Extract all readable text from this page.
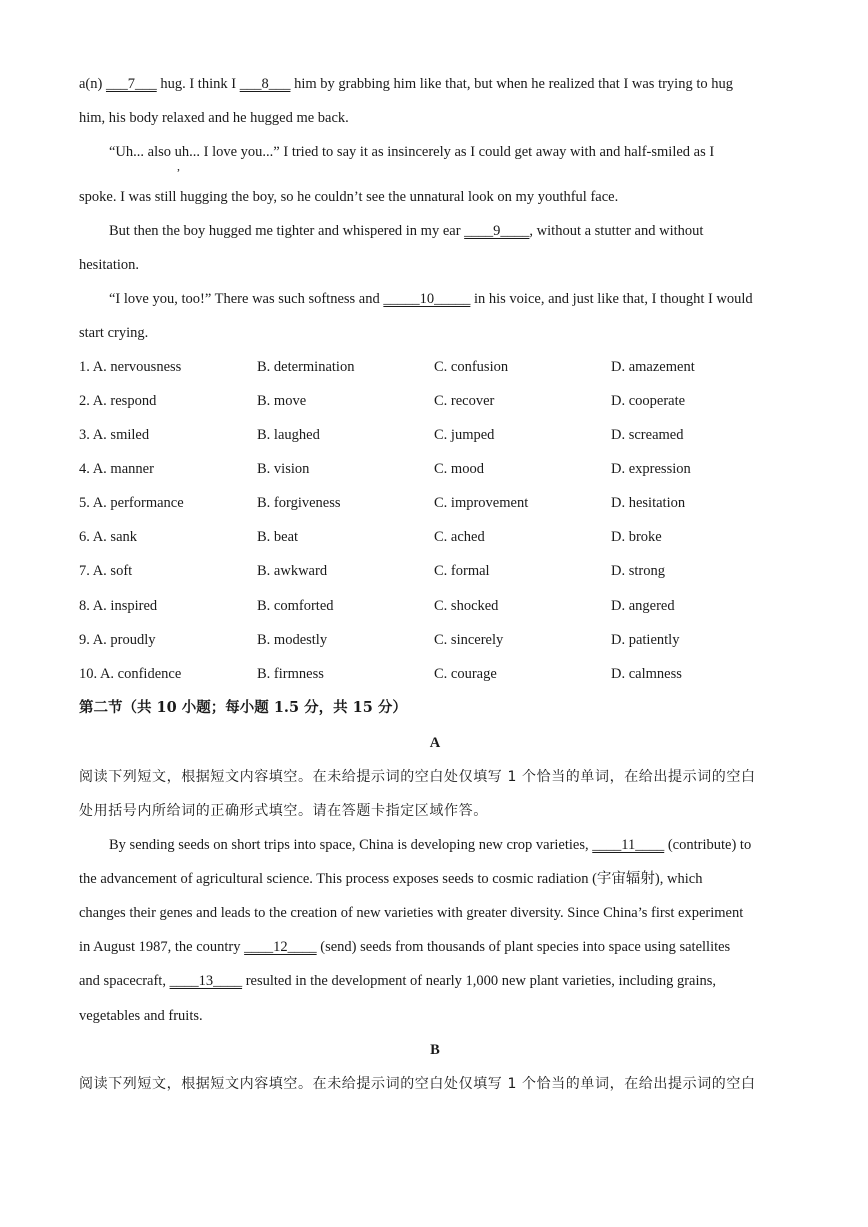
a(n) ___7___ hug. I think I ___8___ him by grabbing him like that, but when he realized that I was trying to hug
him, his body relaxed and he hugged me back.
“Uh... also uh... I love you...” I tried to say it as insincerely as I could get away with and half-smiled as I
,
spoke. I was still hugging the boy, so he couldn’t see the unnatural look on my youthful face.
But then the boy hugged me tighter and whispered in my ear ____9____, without a stutter and without
hesitation.
“I love you, too!” There was such softness and _____10_____ in his voice, and just like that, I thought I would
start crying.
1. A. nervousness	B. determination	C. confusion	D. amazement
2. A. respond	B. move	C. recover	D. cooperate
3. A. smiled	B. laughed	C. jumped	D. screamed
4. A. manner	B. vision	C. mood	D. expression
5. A. performance	B. forgiveness	C. improvement	D. hesitation
6. A. sank	B. beat	C. ached	D. broke
7. A. soft	B. awkward	C. formal	D. strong
8. A. inspired	B. comforted	C. shocked	D. angered
9. A. proudly	B. modestly	C. sincerely	D. patiently
10. A. confidence	B. firmness	C. courage	D. calmness
第二节（共 10 小题；每小题 1.5 分，共 15 分）
A
阅读下列短文，根据短文内容填空。在未给提示词的空白处仅填写 1 个恰当的单词，在给出提示词的空白
处用括号内所给词的正确形式填空。请在答题卡指定区域作答。
By sending seeds on short trips into space, China is developing new crop varieties, ____11____ (contribute) to
the advancement of agricultural science. This process exposes seeds to cosmic radiation (宇宙辐射), which
changes their genes and leads to the creation of new varieties with greater diversity. Since China’s first experiment
in August 1987, the country ____12____ (send) seeds from thousands of plant species into space using satellites
and spacecraft, ____13____ resulted in the development of nearly 1,000 new plant varieties, including grains,
vegetables and fruits.
B
阅读下列短文，根据短文内容填空。在未给提示词的空白处仅填写 1 个恰当的单词，在给出提示词的空白
